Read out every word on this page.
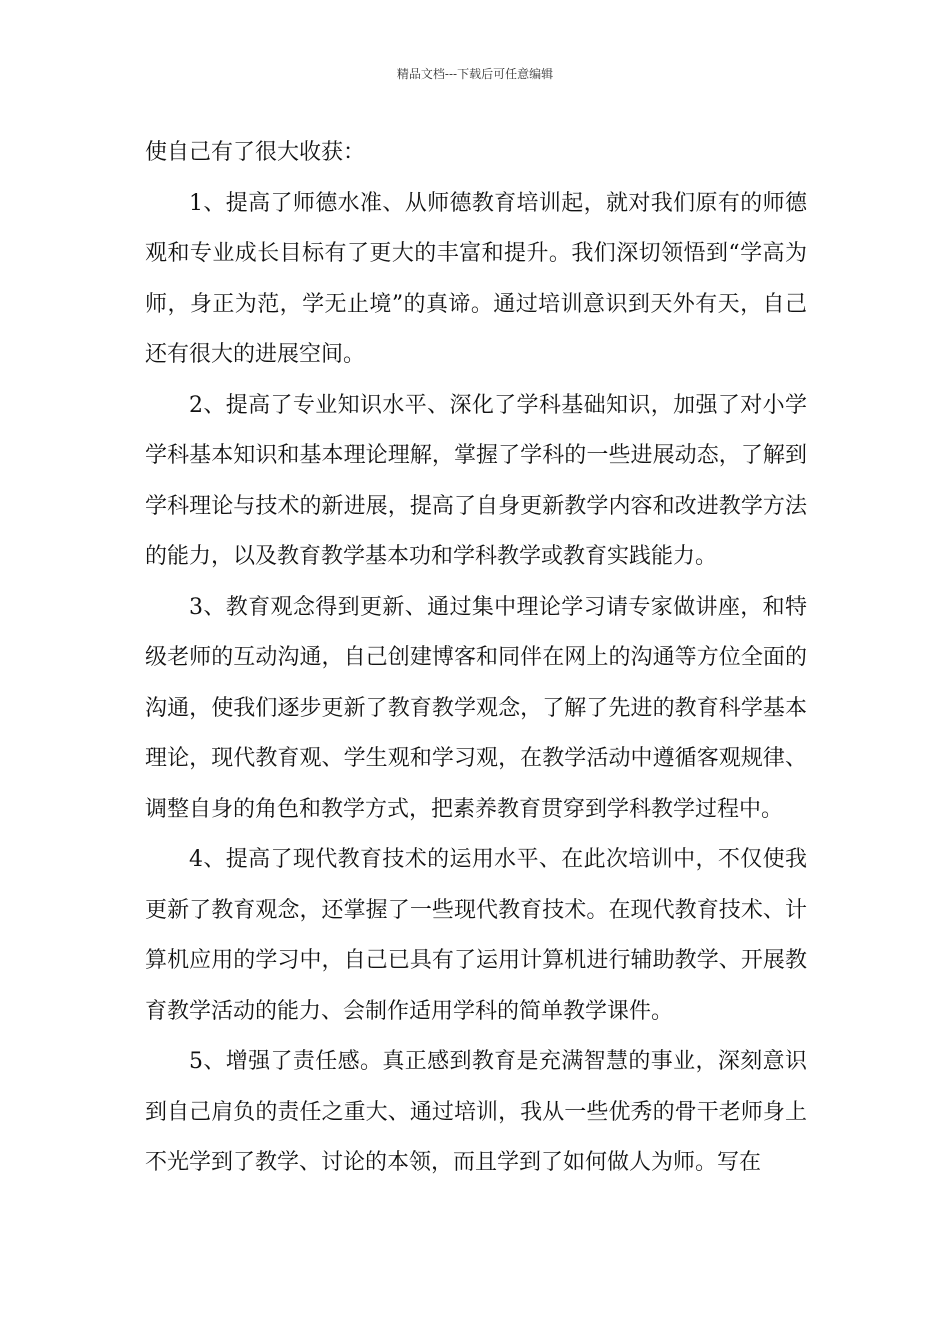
精品文档---下载后可任意编辑

使自己有了很大收获：

1、提高了师德水准、从师德教育培训起，就对我们原有的师德观和专业成长目标有了更大的丰富和提升。我们深切领悟到“学高为师，身正为范，学无止境”的真谛。通过培训意识到天外有天，自己还有很大的进展空间。

2、提高了专业知识水平、深化了学科基础知识，加强了对小学学科基本知识和基本理论理解，掌握了学科的一些进展动态，了解到学科理论与技术的新进展，提高了自身更新教学内容和改进教学方法的能力，以及教育教学基本功和学科教学或教育实践能力。

3、教育观念得到更新、通过集中理论学习请专家做讲座，和特级老师的互动沟通，自己创建博客和同伴在网上的沟通等方位全面的沟通，使我们逐步更新了教育教学观念，了解了先进的教育科学基本理论，现代教育观、学生观和学习观，在教学活动中遵循客观规律、调整自身的角色和教学方式，把素养教育贯穿到学科教学过程中。

4、提高了现代教育技术的运用水平、在此次培训中，不仅使我更新了教育观念，还掌握了一些现代教育技术。在现代教育技术、计算机应用的学习中，自己已具有了运用计算机进行辅助教学、开展教育教学活动的能力、会制作适用学科的简单教学课件。

5、增强了责任感。真正感到教育是充满智慧的事业，深刻意识到自己肩负的责任之重大、通过培训，我从一些优秀的骨干老师身上不光学到了教学、讨论的本领，而且学到了如何做人为师。写在
